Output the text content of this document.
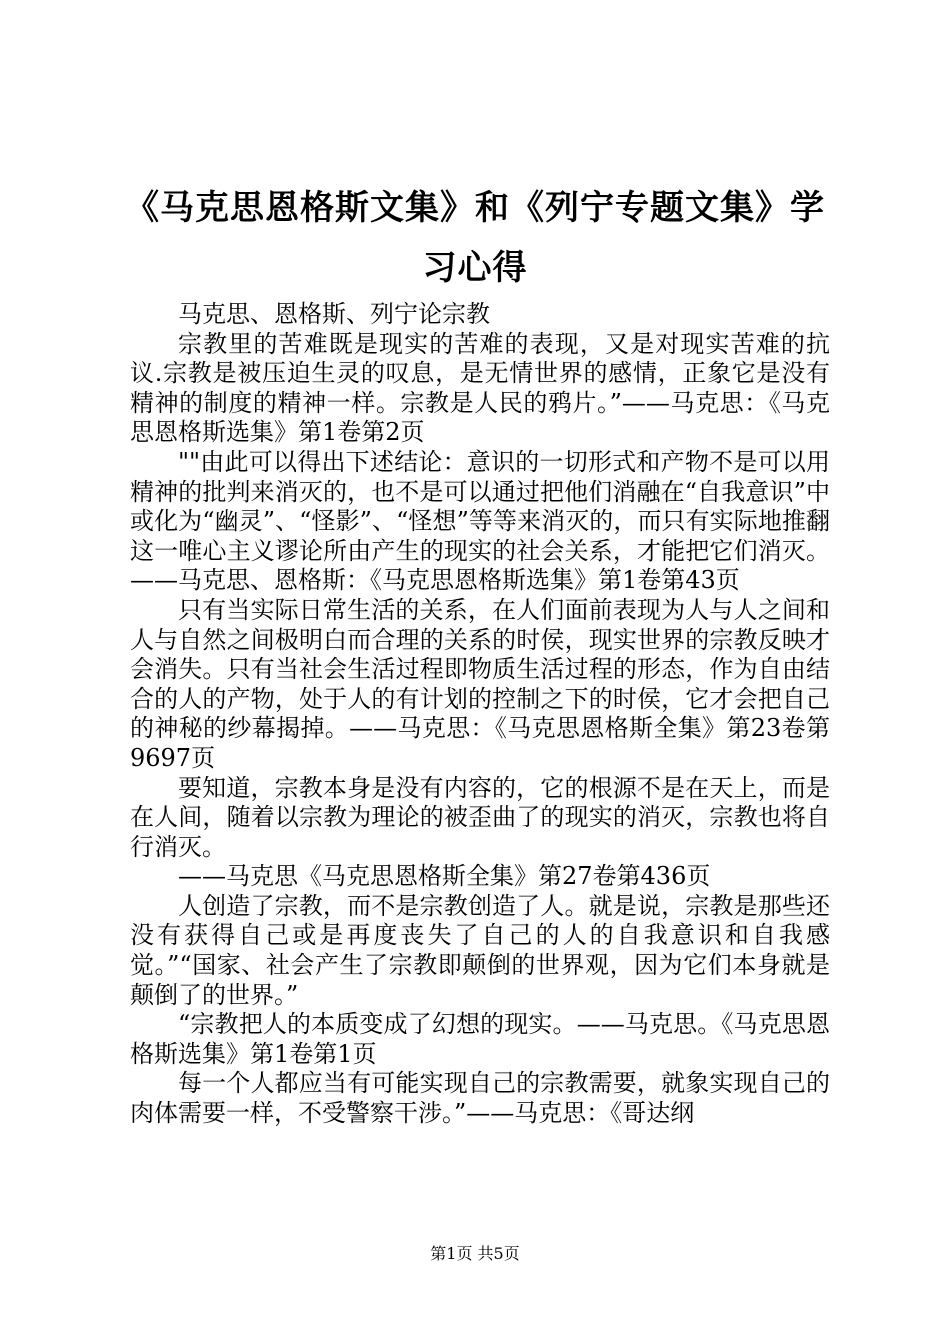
《马克思恩格斯文集》和《列宁专题文集》学习心得

马克思、恩格斯、列宁论宗教

宗教里的苦难既是现实的苦难的表现，又是对现实苦难的抗议.宗教是被压迫生灵的叹息，是无情世界的感情，正象它是没有精神的制度的精神一样。宗教是人民的鸦片。”——马克思：《马克思恩格斯选集》第1卷第2页

""由此可以得出下述结论：意识的一切形式和产物不是可以用精神的批判来消灭的，也不是可以通过把他们消融在“自我意识”中或化为“幽灵”、“怪影”、“怪想”等等来消灭的，而只有实际地推翻这一唯心主义谬论所由产生的现实的社会关系，才能把它们消灭。——马克思、恩格斯：《马克思恩格斯选集》第1卷第43页

只有当实际日常生活的关系，在人们面前表现为人与人之间和人与自然之间极明白而合理的关系的时侯，现实世界的宗教反映才会消失。只有当社会生活过程即物质生活过程的形态，作为自由结合的人的产物，处于人的有计划的控制之下的时侯，它才会把自己的神秘的纱幕揭掉。——马克思：《马克思恩格斯全集》第23卷第9697页

要知道，宗教本身是没有内容的，它的根源不是在天上，而是在人间，随着以宗教为理论的被歪曲了的现实的消灭，宗教也将自行消灭。

——马克思《马克思恩格斯全集》第27卷第436页

人创造了宗教，而不是宗教创造了人。就是说，宗教是那些还没有获得自己或是再度丧失了自己的人的自我意识和自我感觉。”“国家、社会产生了宗教即颠倒的世界观，因为它们本身就是颠倒了的世界。”

“宗教把人的本质变成了幻想的现实。——马克思。《马克思恩格斯选集》第1卷第1页

每一个人都应当有可能实现自己的宗教需要，就象实现自己的肉体需要一样，不受警察干涉。”——马克思：《哥达纲

第1页 共5页
